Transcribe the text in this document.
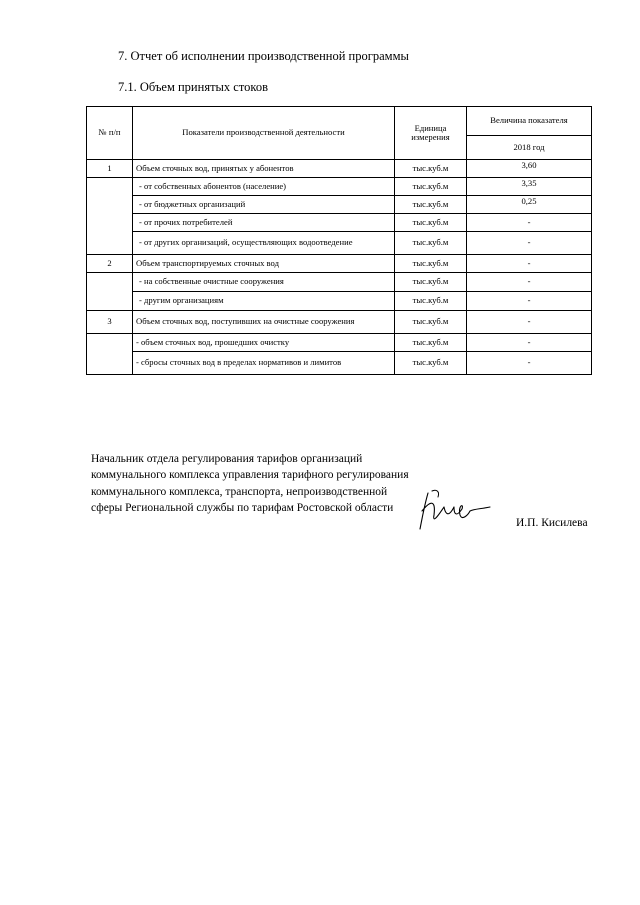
7. Отчет об исполнении производственной программы
7.1. Объем принятых стоков
№ п/п	Показатели производственной деятельности	Единица измерения	Величина показателя
			2018 год
1	Объем сточных вод, принятых у абонентов	тыс.куб.м	3,60
	- от собственных абонентов (население)	тыс.куб.м	3,35
	- от бюджетных организаций	тыс.куб.м	0,25
	- от прочих потребителей	тыс.куб.м	-
	- от других организаций, осуществляющих водоотведение	тыс.куб.м	-
2	Объем транспортируемых сточных вод	тыс.куб.м	-
	- на собственные очистные сооружения	тыс.куб.м	-
	- другим организациям	тыс.куб.м	-
3	Объем сточных вод, поступивших на очистные сооружения	тыс.куб.м	-
	- объем сточных вод, прошедших очистку	тыс.куб.м	-
	- сбросы сточных вод в пределах нормативов и лимитов	тыс.куб.м	-
Начальник отдела регулирования тарифов организаций коммунального комплекса управления тарифного регулирования коммунального комплекса, транспорта, непроизводственной сферы Региональной службы по тарифам Ростовской области
И.П. Кисилева
